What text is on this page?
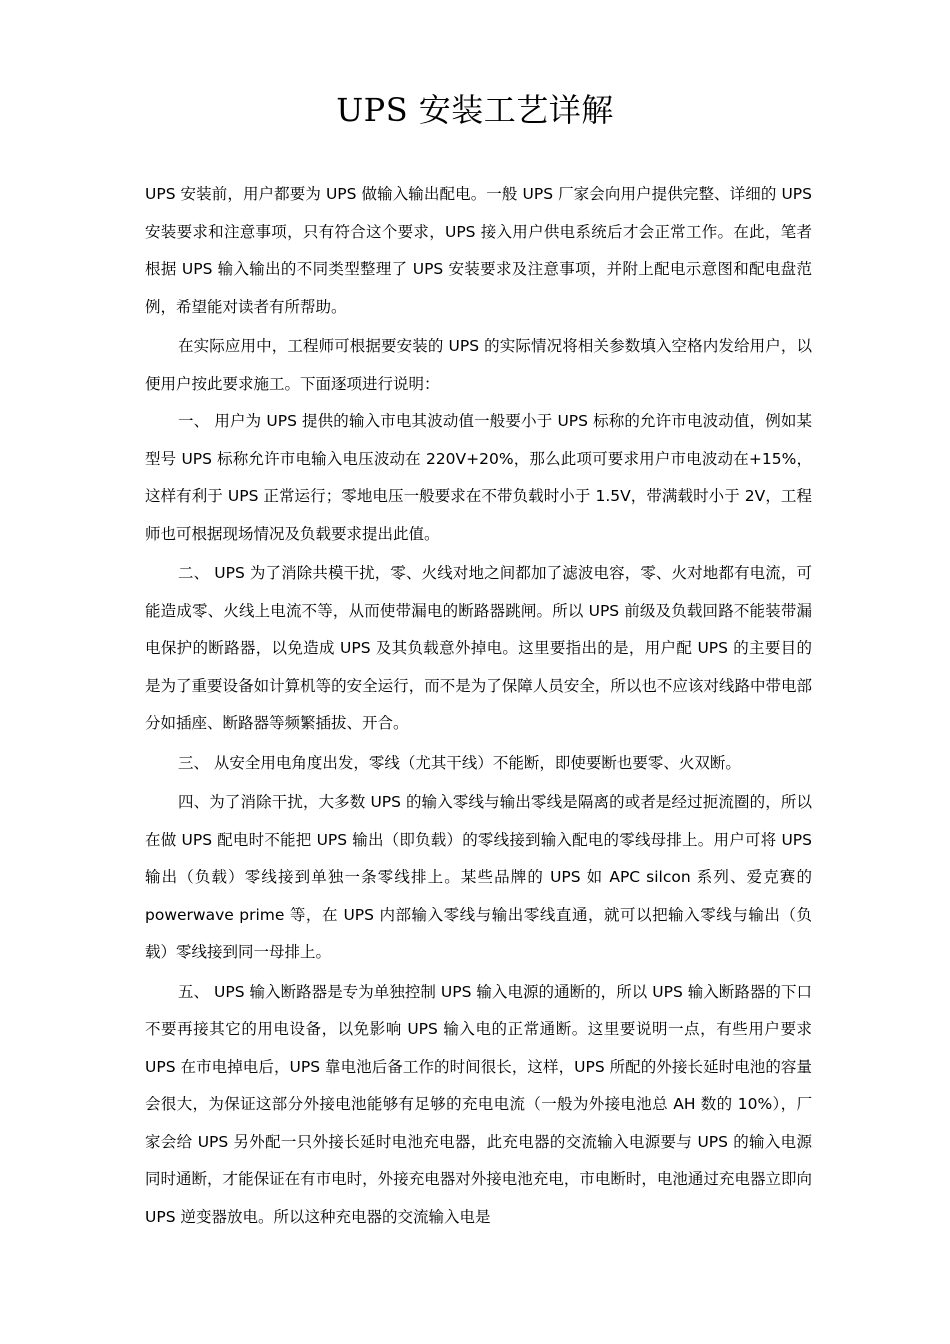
UPS 安装工艺详解

UPS 安装前，用户都要为 UPS 做输入输出配电。一般 UPS 厂家会向用户提供完整、详细的 UPS 安装要求和注意事项，只有符合这个要求，UPS 接入用户供电系统后才会正常工作。在此，笔者根据 UPS 输入输出的不同类型整理了 UPS 安装要求及注意事项，并附上配电示意图和配电盘范例，希望能对读者有所帮助。

在实际应用中，工程师可根据要安装的 UPS 的实际情况将相关参数填入空格内发给用户，以便用户按此要求施工。下面逐项进行说明：

一、 用户为 UPS 提供的输入市电其波动值一般要小于 UPS 标称的允许市电波动值，例如某型号 UPS 标称允许市电输入电压波动在 220V+20%，那么此项可要求用户市电波动在+15%，这样有利于 UPS 正常运行；零地电压一般要求在不带负载时小于 1.5V，带满载时小于 2V，工程师也可根据现场情况及负载要求提出此值。

二、 UPS 为了消除共模干扰，零、火线对地之间都加了滤波电容，零、火对地都有电流，可能造成零、火线上电流不等，从而使带漏电的断路器跳闸。所以 UPS 前级及负载回路不能装带漏电保护的断路器，以免造成 UPS 及其负载意外掉电。这里要指出的是，用户配 UPS 的主要目的是为了重要设备如计算机等的安全运行，而不是为了保障人员安全，所以也不应该对线路中带电部分如插座、断路器等频繁插拔、开合。

三、 从安全用电角度出发，零线（尤其干线）不能断，即使要断也要零、火双断。

四、为了消除干扰，大多数 UPS 的输入零线与输出零线是隔离的或者是经过扼流圈的，所以在做 UPS 配电时不能把 UPS 输出（即负载）的零线接到输入配电的零线母排上。用户可将 UPS 输出（负载）零线接到单独一条零线排上。某些品牌的 UPS 如 APC silcon 系列、爱克赛的 powerwave prime 等，在 UPS 内部输入零线与输出零线直通，就可以把输入零线与输出（负载）零线接到同一母排上。

五、 UPS 输入断路器是专为单独控制 UPS 输入电源的通断的，所以 UPS 输入断路器的下口不要再接其它的用电设备，以免影响 UPS 输入电的正常通断。这里要说明一点，有些用户要求 UPS 在市电掉电后，UPS 靠电池后备工作的时间很长，这样，UPS 所配的外接长延时电池的容量会很大，为保证这部分外接电池能够有足够的充电电流（一般为外接电池总 AH 数的 10%），厂家会给 UPS 另外配一只外接长延时电池充电器，此充电器的交流输入电源要与 UPS 的输入电源同时通断，才能保证在有市电时，外接充电器对外接电池充电，市电断时，电池通过充电器立即向 UPS 逆变器放电。所以这种充电器的交流输入电是
